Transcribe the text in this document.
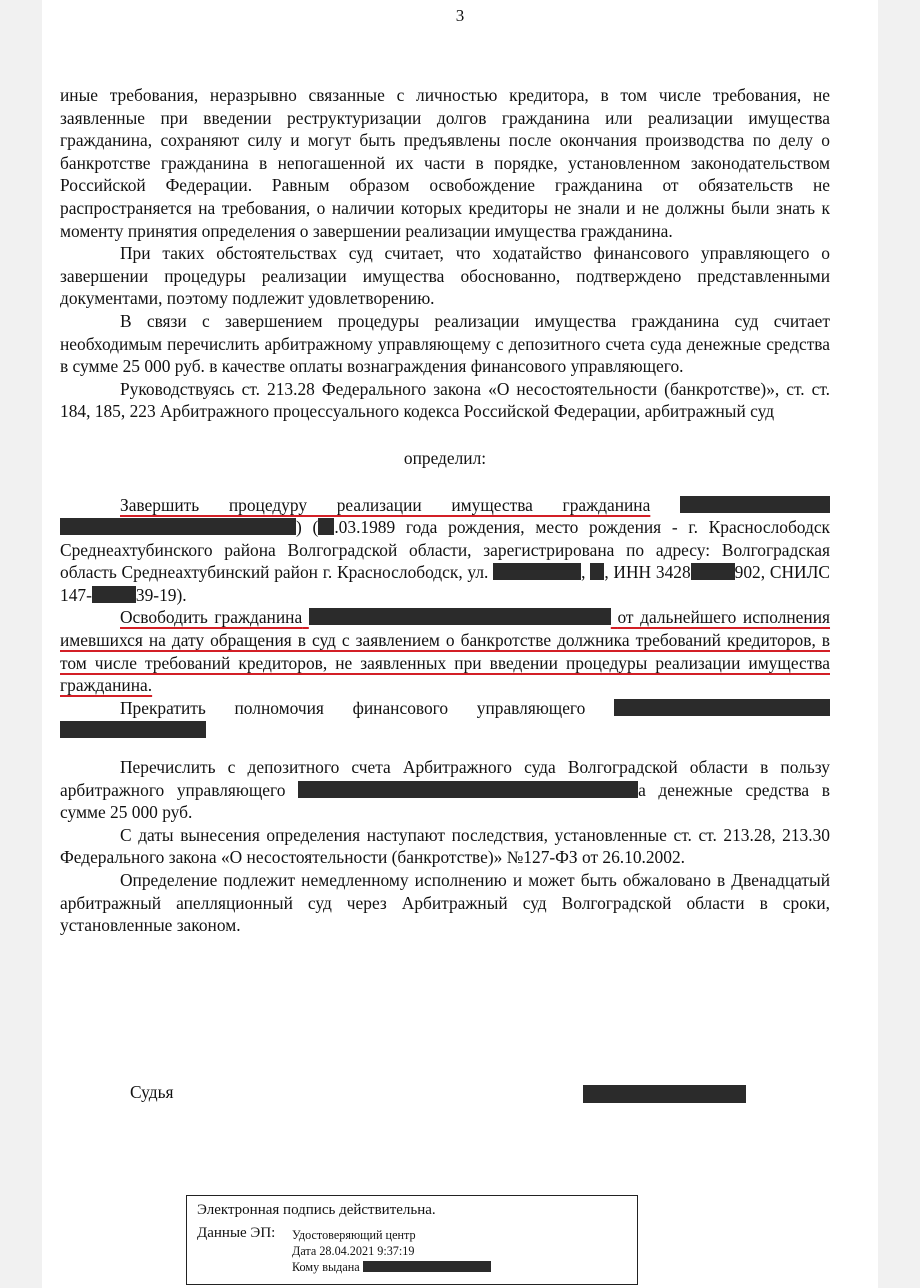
3

иные требования, неразрывно связанные с личностью кредитора, в том числе требования, не заявленные при введении реструктуризации долгов гражданина или реализации имущества гражданина, сохраняют силу и могут быть предъявлены после окончания производства по делу о банкротстве гражданина в непогашенной их части в порядке, установленном законодательством Российской Федерации. Равным образом освобождение гражданина от обязательств не распространяется на требования, о наличии которых кредиторы не знали и не должны были знать к моменту принятия определения о завершении реализации имущества гражданина.

При таких обстоятельствах суд считает, что ходатайство финансового управляющего о завершении процедуры реализации имущества обоснованно, подтверждено представленными документами, поэтому подлежит удовлетворению.

В связи с завершением процедуры реализации имущества гражданина суд считает необходимым перечислить арбитражному управляющему с депозитного счета суда денежные средства в сумме 25 000 руб. в качестве оплаты вознаграждения финансового управляющего.

Руководствуясь ст. 213.28 Федерального закона «О несостоятельности (банкротстве)», ст. ст. 184, 185, 223 Арбитражного процессуального кодекса Российской Федерации, арбитражный суд

определил:

Завершить процедуру реализации имущества гражданина  ) ( .03.1989 года рождения, место рождения - г. Краснослободск Среднеахтубинского района Волгоградской области, зарегистрирована по адресу: Волгоградская область Среднеахтубинский район г. Краснослободск, ул.	, , ИНН 3428	902, СНИЛС 147-	39-19).

Освободить гражданина	от дальнейшего исполнения имевшихся на дату обращения в суд с заявлением о банкротстве должника требований кредиторов, в том числе требований кредиторов, не заявленных при введении процедуры реализации имущества гражданина.

Прекратить полномочия финансового управляющего

Перечислить с депозитного счета Арбитражного суда Волгоградской области в пользу арбитражного управляющего	а денежные средства в сумме 25 000 руб.

С даты вынесения определения наступают последствия, установленные ст. ст. 213.28, 213.30 Федерального закона «О несостоятельности (банкротстве)» №127-ФЗ от 26.10.2002.

Определение подлежит немедленному исполнению и может быть обжаловано в Двенадцатый арбитражный апелляционный суд через Арбитражный суд Волгоградской области в сроки, установленные законом.

Судья
Электронная подпись действительна.
Данные ЭП: Удостоверяющий центр
Дата 28.04.2021 9:37:19
Кому выдана
